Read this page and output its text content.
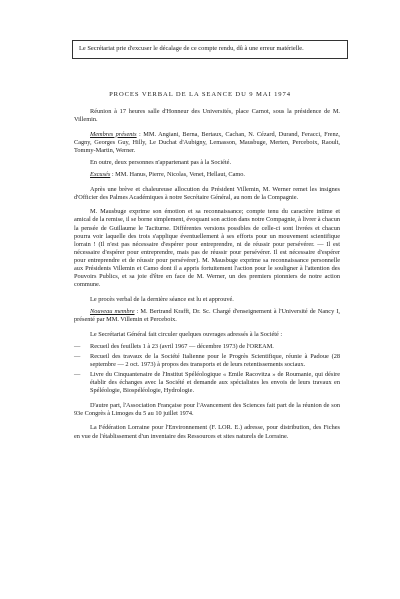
Le Secrétariat prie d'excuser le décalage de ce compte rendu, dû à une erreur matérielle.
PROCES VERBAL DE LA SEANCE DU 9 MAI 1974

Réunion à 17 heures salle d'Honneur des Universités, place Carnot, sous la présidence de M. Villemin.

Membres présents : MM. Angiani, Berna, Bertaux, Cachan, N. Cézard, Durand, Feracci, Frenz, Cagny, Georges Guy, Hilly, Le Duchat d'Aubigny, Lemasson, Mausbuge, Merten, Perceboix, Raoult, Tommy-Martin, Werner.

En outre, deux personnes n'appartenant pas à la Société.

Excusés : MM. Hanus, Pierre, Nicolas, Venet, Hellaut, Camo.

Après une brève et chaleureuse allocution du Président Villemin, M. Werner remet les insignes d'Officier des Palmes Académiques à notre Secrétaire Général, au nom de la Compagnie.

M. Mausbuge exprime son émotion et sa reconnaissance; compte tenu du caractère intime et amical de la remise, il se borne simplement, évoquant son action dans notre Compagnie, à livrer à chacun la pensée de Guillaume le Taciturne. Différentes versions possibles de celle-ci sont livrées et chacun pourra voir laquelle des trois s'applique éventuellement à ses efforts pour un mouvement scientifique lorrain ! (Il n'est pas nécessaire d'espérer pour entreprendre, ni de réussir pour persévérer. — Il est nécessaire d'espérer pour entreprendre, mais pas de réussir pour persévérer. Il est nécessaire d'espérer pour entreprendre et de réussir pour persévérer). M. Mausbuge exprime sa reconnaissance personnelle aux Présidents Villemin et Camo dont il a appris fortuitement l'action pour le souligner à l'attention des Pouvoirs Publics, et sa joie d'être en face de M. Werner, un des premiers pionniers de notre action commune.

Le procès verbal de la dernière séance est lu et approuvé.

Nouveau membre : M. Bertrand Krafft, Dr. Sc. Chargé d'enseignement à l'Université de Nancy I, présenté par MM. Villemin et Perceboix.

Le Secrétariat Général fait circuler quelques ouvrages adressés à la Société :

— Recueil des feuillets 1 à 23 (avril 1967 — décembre 1973) de l'OREAM.
— Recueil des travaux de la Société Italienne pour le Progrès Scientifique, réunie à Padoue (28 septembre — 2 oct. 1973) à propos des transports et de leurs retentissements sociaux.
— Livre du Cinquantenaire de l'Institut Spéléologique « Emile Racovitza » de Roumanie, qui désire établir des échanges avec la Société et demande aux spécialistes les envois de leurs travaux en Spéléologie, Biospéléologie, Hydrologie.

D'autre part, l'Association Française pour l'Avancement des Sciences fait part de la réunion de son 93e Congrès à Limoges du 5 au 10 juillet 1974.

La Fédération Lorraine pour l'Environnement (F. LOR. E.) adresse, pour distribution, des Fiches en vue de l'établissement d'un inventaire des Ressources et sites naturels de Lorraine.
